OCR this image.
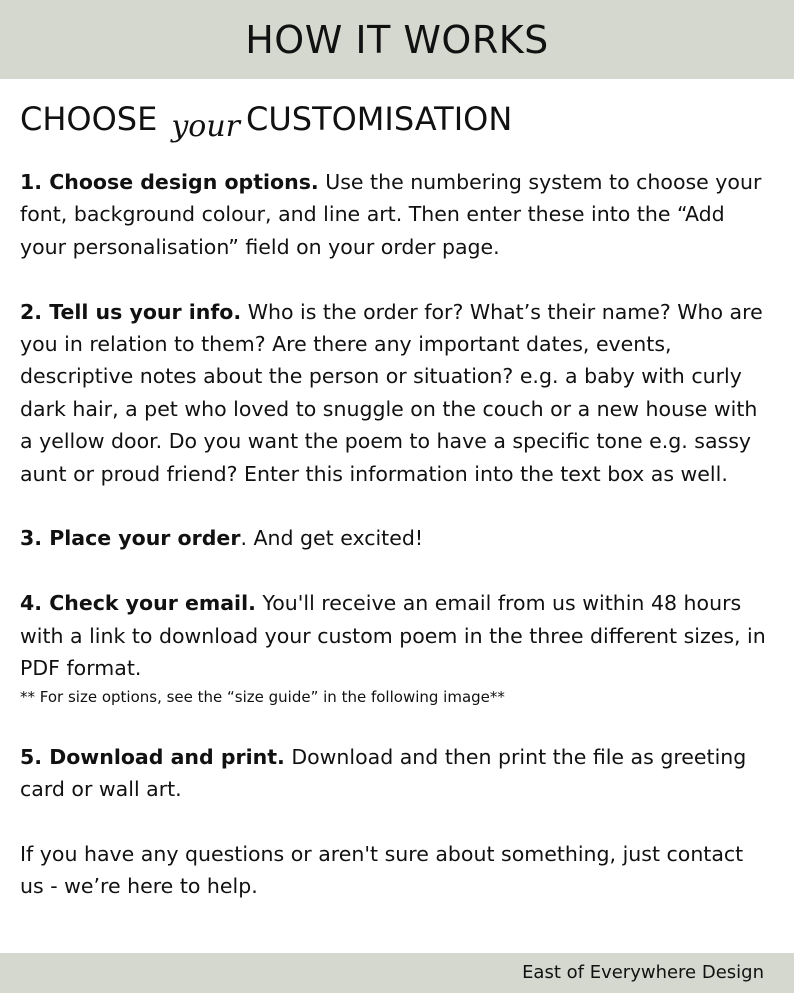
HOW IT WORKS
CHOOSE your CUSTOMISATION

1. Choose design options. Use the numbering system to choose your font, background colour, and line art. Then enter these into the “Add your personalisation” field on your order page.

2. Tell us your info. Who is the order for? What’s their name? Who are you in relation to them? Are there any important dates, events, descriptive notes about the person or situation? e.g. a baby with curly dark hair, a pet who loved to snuggle on the couch or a new house with a yellow door. Do you want the poem to have a specific tone e.g. sassy aunt or proud friend? Enter this information into the text box as well.

3. Place your order. And get excited!

4. Check your email. You'll receive an email from us within 48 hours with a link to download your custom poem in the three different sizes, in PDF format.
** For size options, see the “size guide” in the following image**

5. Download and print. Download and then print the file as greeting card or wall art.

If you have any questions or aren't sure about something, just contact us - we’re here to help.

East of Everywhere Design
